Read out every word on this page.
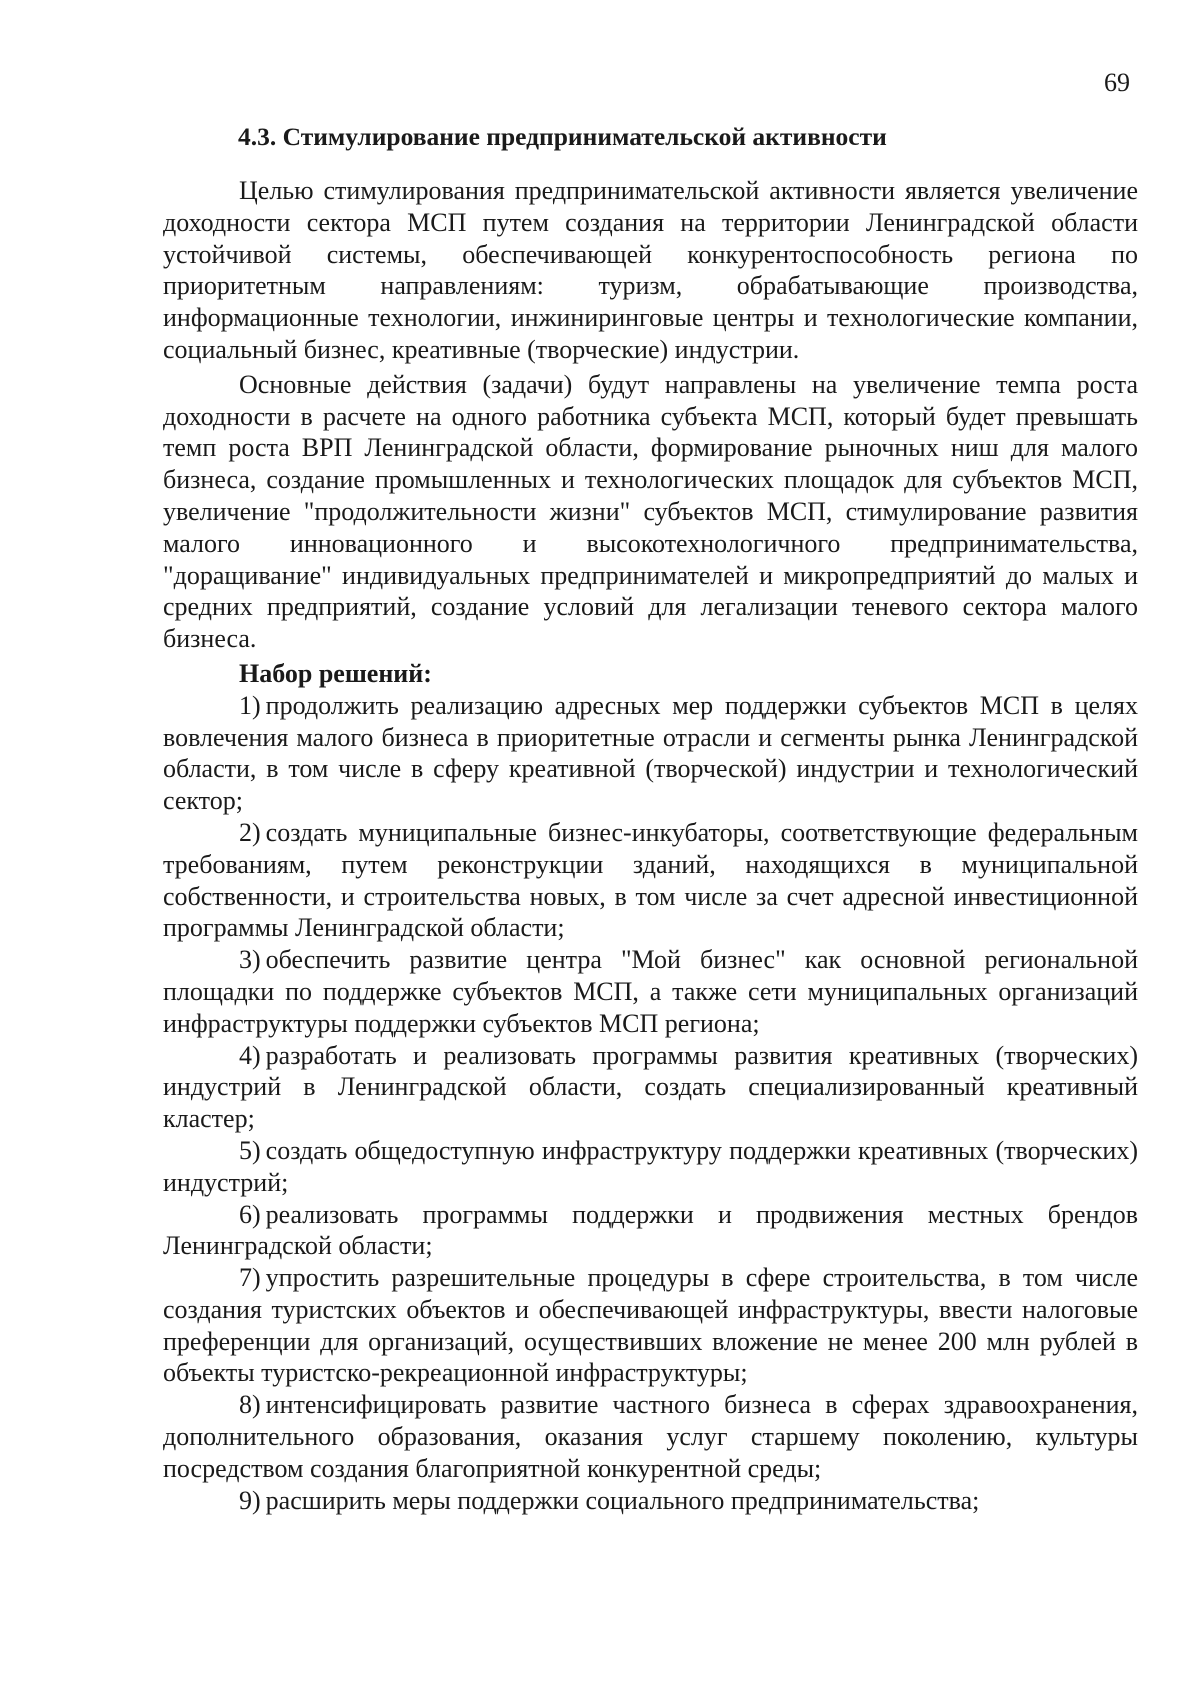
69
4.3. Стимулирование предпринимательской активности

Целью стимулирования предпринимательской активности является увеличение доходности сектора МСП путем создания на территории Ленинградской области устойчивой системы, обеспечивающей конкурентоспособность региона по приоритетным направлениям: туризм, обрабатывающие производства, информационные технологии, инжиниринговые центры и технологические компании, социальный бизнес, креативные (творческие) индустрии.

Основные действия (задачи) будут направлены на увеличение темпа роста доходности в расчете на одного работника субъекта МСП, который будет превышать темп роста ВРП Ленинградской области, формирование рыночных ниш для малого бизнеса, создание промышленных и технологических площадок для субъектов МСП, увеличение "продолжительности жизни" субъектов МСП, стимулирование развития малого инновационного и высокотехнологичного предпринимательства, "доращивание" индивидуальных предпринимателей и микропредприятий до малых и средних предприятий, создание условий для легализации теневого сектора малого бизнеса.

Набор решений:
1) продолжить реализацию адресных мер поддержки субъектов МСП в целях вовлечения малого бизнеса в приоритетные отрасли и сегменты рынка Ленинградской области, в том числе в сферу креативной (творческой) индустрии и технологический сектор;
2) создать муниципальные бизнес-инкубаторы, соответствующие федеральным требованиям, путем реконструкции зданий, находящихся в муниципальной собственности, и строительства новых, в том числе за счет адресной инвестиционной программы Ленинградской области;
3) обеспечить развитие центра "Мой бизнес" как основной региональной площадки по поддержке субъектов МСП, а также сети муниципальных организаций инфраструктуры поддержки субъектов МСП региона;
4) разработать и реализовать программы развития креативных (творческих) индустрий в Ленинградской области, создать специализированный креативный кластер;
5) создать общедоступную инфраструктуру поддержки креативных (творческих) индустрий;
6) реализовать программы поддержки и продвижения местных брендов Ленинградской области;
7) упростить разрешительные процедуры в сфере строительства, в том числе создания туристских объектов и обеспечивающей инфраструктуры, ввести налоговые преференции для организаций, осуществивших вложение не менее 200 млн рублей в объекты туристско-рекреационной инфраструктуры;
8) интенсифицировать развитие частного бизнеса в сферах здравоохранения, дополнительного образования, оказания услуг старшему поколению, культуры посредством создания благоприятной конкурентной среды;
9) расширить меры поддержки социального предпринимательства;
